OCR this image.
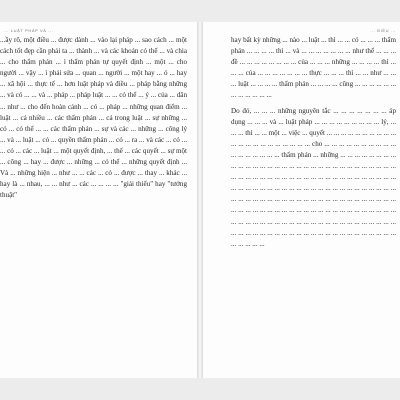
... LUẬT PHÁP VÀ ...

...ầy rõ, một điều ... được dành ... vào lại pháp ... sao cách ... một cách tốt đẹp cần phải ta ... thành ... và các khoản có thể ... và chia ... cho thẩm phán ... ì thẩm phán tự quyết định ... một ... cho người ... vậy ... ì phải sửa ... quan ... người ... một hay ... ó ... hay ... xã hội ... thực tế ... hơn luật pháp và điều ... pháp bằng những ... và có ... ... và ... pháp ... pháp luật ... ... có thể ... ý ... của ... dân ... như ... cho đến hoàn cảnh ... có ... pháp ... những quan điểm ... luật ... cả nhiều ... các thẩm phán ... cả trong luật ... sự những ... có ... có thể ... ... các thẩm phán ... sự và các ... những ... công lý ... và ... luật ... có ... quyền thẩm phán ... có ... ra ... và các ... có ... ... có ... các ... luật ... một quyết định, ... thể ... các quyết ... sự một ... công ... hay ... được ... những ... có thể ... những quyết định ... Và ... những hiện ... như ... ... các ... có ... được ... thay ... khác ... hay là ... nhau, ... ... như ... các ... ... ... ... "giải thiểu" hay "tưởng thuật"

... ĐIỀU ...

hay bất kỳ những ... nào ... luật ... thì ... ... có ... ... ... thẩm phán ... ... ... ... thì ... và ... ... ... ... ... ... ... như thể ... ... ... đề ... ... ... ... ... ... ... ... của ... ... ... những ... ... ... ... thì ... ... ... của ... ... ... ... ... ... ... thực ... ... ... thì ... ... như ... ... ... luật ... ... ... ... thẩm phán ... ... ... ... cũng ... ... ... ... ... ... ... ... ... ... ... ...

Do đó, ... ... ... những nguyên tắc ... ... ... ... ... ... ... áp dụng ... ... ... và ... luật pháp ... ... ... ... ... ... ... ... ... lý, ... ... ... thì ... ... một ... việc ... quyết ... ... ... ... ... ... ... ... ... ... ... ... ... ... ... ... ... ... ... ... ... cho ... ... ... ... ... ... ... ... ... ... ... ... ... ... ... ... ... thẩm phán ... những ... ... ... ... ... ... ... ... ... ... ... ... ... ... ... ... ... ... ... ... ... ... ... ... ... ... ... ... ... ... ... ... ... ... ... ... ... ... ... ... ... ... ... ... ... ... ... ... ... ... ... ... ... ... ... ... ... ... ... ... ... ... ... ... ... ... ... ... ... ... ... ... ... ... ... ... ... ... ... ... ... ... ... ... ... ... ... ... ... ... ... ... ... ... ... ... ... ... ... ... ... ... ... ... ... ... ... ... ... ... ... ... ... ... ... ... ... ... ... ... ... ... ... ... ... ... ... ... ... ... ... ... ... ... ... ... ... ... ... ... ... ... ... ... ... ... ... ... ... ... ... ... ... ... ... ... ... ... ... ... ... ... ... ... ... ... ... ... ... ... ... ... ... ...
